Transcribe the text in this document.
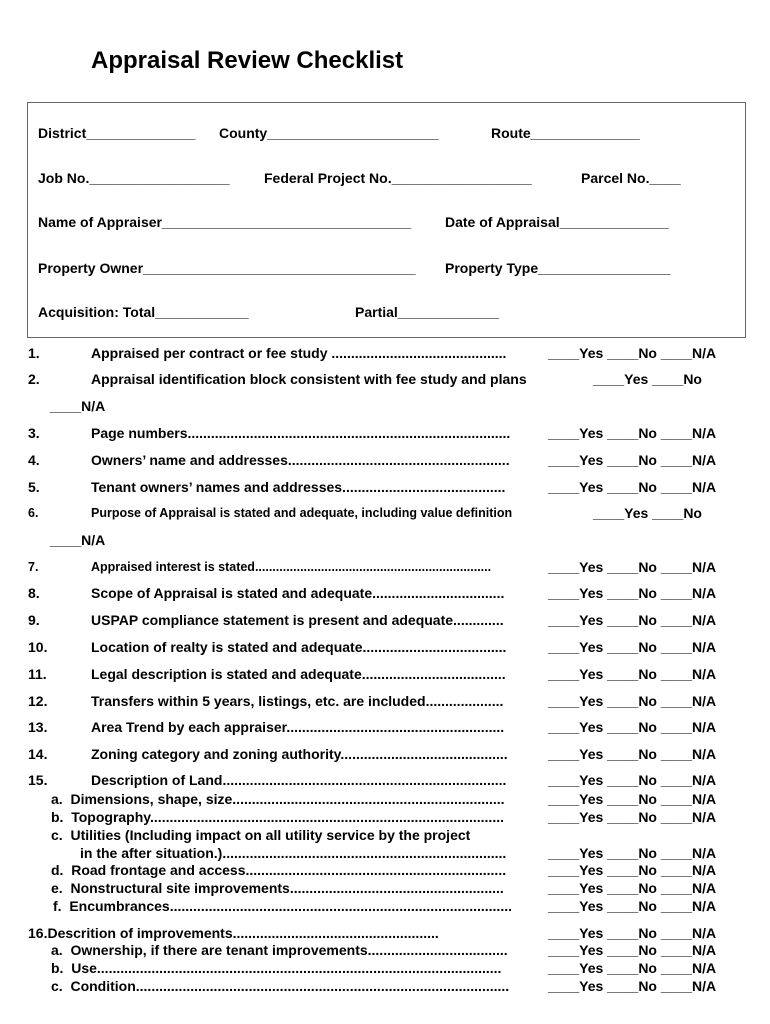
Appraisal Review Checklist
District______________ County______________________	Route______________
Job No.__________________ Federal Project No.__________________	Parcel No.____
Name of Appraiser________________________________ Date of Appraisal______________
Property Owner___________________________________ Property Type_________________
Acquisition: Total____________	Partial_____________
1.	Appraised per contract or fee study .............................................	____Yes ____No ____N/A
2.	Appraisal identification block consistent with fee study and plans	____Yes ____No
____N/A
3.	Page numbers...................................................................................	____Yes ____No ____N/A
4.	Owners’ name and addresses.........................................................	____Yes ____No ____N/A
5.	Tenant owners’ names and addresses..........................................	____Yes ____No ____N/A
6.	Purpose of Appraisal is stated and adequate, including value definition	____Yes ____No
____N/A
7.	Appraised interest is stated....................................................................	____Yes ____No ____N/A
8.	Scope of Appraisal is stated and adequate..................................	____Yes ____No ____N/A
9.	USPAP compliance statement is present and adequate.............	____Yes ____No ____N/A
10.	Location of realty is stated and adequate.....................................	____Yes ____No ____N/A
11.	Legal description is stated and adequate.....................................	____Yes ____No ____N/A
12.	Transfers within 5 years, listings, etc. are included....................	____Yes ____No ____N/A
13.	Area Trend by each appraiser........................................................	____Yes ____No ____N/A
14.	Zoning category and zoning authority...........................................	____Yes ____No ____N/A
15.	Description of Land.........................................................................	____Yes ____No ____N/A
a.  Dimensions, shape, size......................................................................	____Yes ____No ____N/A
b.  Topography...........................................................................................	____Yes ____No ____N/A
c.  Utilities (Including impact on all utility service by the project
in the after situation.).........................................................................	____Yes ____No ____N/A
d.  Road frontage and access...................................................................	____Yes ____No ____N/A
e.  Nonstructural site improvements.......................................................	____Yes ____No ____N/A
f.  Encumbrances........................................................................................	____Yes ____No ____N/A
16.Descrition of improvements.....................................................	____Yes ____No ____N/A
a.  Ownership, if there are tenant improvements....................................	____Yes ____No ____N/A
b.  Use........................................................................................................	____Yes ____No ____N/A
c.  Condition................................................................................................	____Yes ____No ____N/A
